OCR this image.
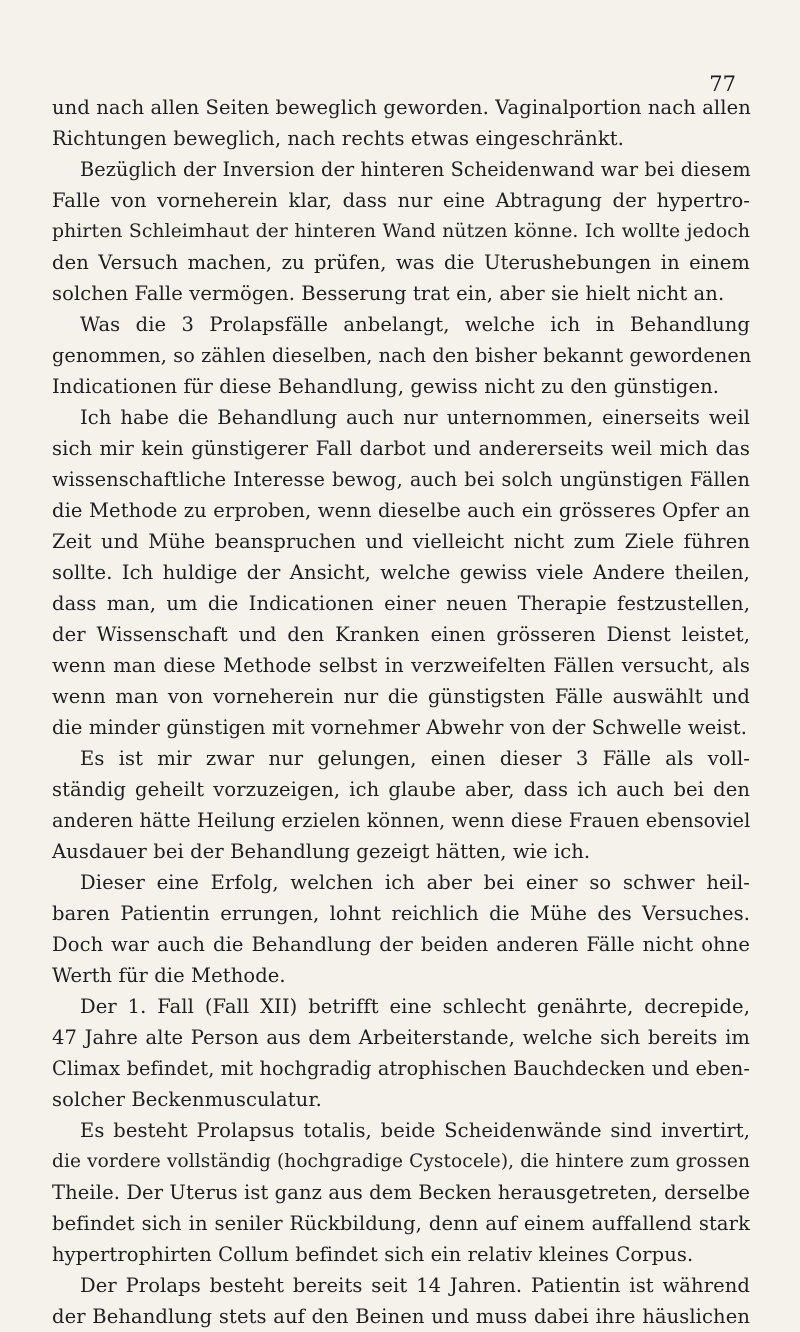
77
und nach allen Seiten beweglich geworden. Vaginalportion nach allen
Richtungen beweglich, nach rechts etwas eingeschränkt.
Bezüglich der Inversion der hinteren Scheidenwand war bei diesem
Falle von vorneherein klar, dass nur eine Abtragung der hypertro-
phirten Schleimhaut der hinteren Wand nützen könne. Ich wollte jedoch
den Versuch machen, zu prüfen, was die Uterushebungen in einem
solchen Falle vermögen. Besserung trat ein, aber sie hielt nicht an.
Was die 3 Prolapsfälle anbelangt, welche ich in Behandlung
genommen, so zählen dieselben, nach den bisher bekannt gewordenen
Indicationen für diese Behandlung, gewiss nicht zu den günstigen.
Ich habe die Behandlung auch nur unternommen, einerseits weil
sich mir kein günstigerer Fall darbot und andererseits weil mich das
wissenschaftliche Interesse bewog, auch bei solch ungünstigen Fällen
die Methode zu erproben, wenn dieselbe auch ein grösseres Opfer an
Zeit und Mühe beanspruchen und vielleicht nicht zum Ziele führen
sollte. Ich huldige der Ansicht, welche gewiss viele Andere theilen,
dass man, um die Indicationen einer neuen Therapie festzustellen,
der Wissenschaft und den Kranken einen grösseren Dienst leistet,
wenn man diese Methode selbst in verzweifelten Fällen versucht, als
wenn man von vorneherein nur die günstigsten Fälle auswählt und
die minder günstigen mit vornehmer Abwehr von der Schwelle weist.
Es ist mir zwar nur gelungen, einen dieser 3 Fälle als voll-
ständig geheilt vorzuzeigen, ich glaube aber, dass ich auch bei den
anderen hätte Heilung erzielen können, wenn diese Frauen ebensoviel
Ausdauer bei der Behandlung gezeigt hätten, wie ich.
Dieser eine Erfolg, welchen ich aber bei einer so schwer heil-
baren Patientin errungen, lohnt reichlich die Mühe des Versuches.
Doch war auch die Behandlung der beiden anderen Fälle nicht ohne
Werth für die Methode.
Der 1. Fall (Fall XII) betrifft eine schlecht genährte, decrepide,
47 Jahre alte Person aus dem Arbeiterstande, welche sich bereits im
Climax befindet, mit hochgradig atrophischen Bauchdecken und eben-
solcher Beckenmusculatur.
Es besteht Prolapsus totalis, beide Scheidenwände sind invertirt,
die vordere vollständig (hochgradige Cystocele), die hintere zum grossen
Theile. Der Uterus ist ganz aus dem Becken herausgetreten, derselbe
befindet sich in seniler Rückbildung, denn auf einem auffallend stark
hypertrophirten Collum befindet sich ein relativ kleines Corpus.
Der Prolaps besteht bereits seit 14 Jahren. Patientin ist während
der Behandlung stets auf den Beinen und muss dabei ihre häuslichen
